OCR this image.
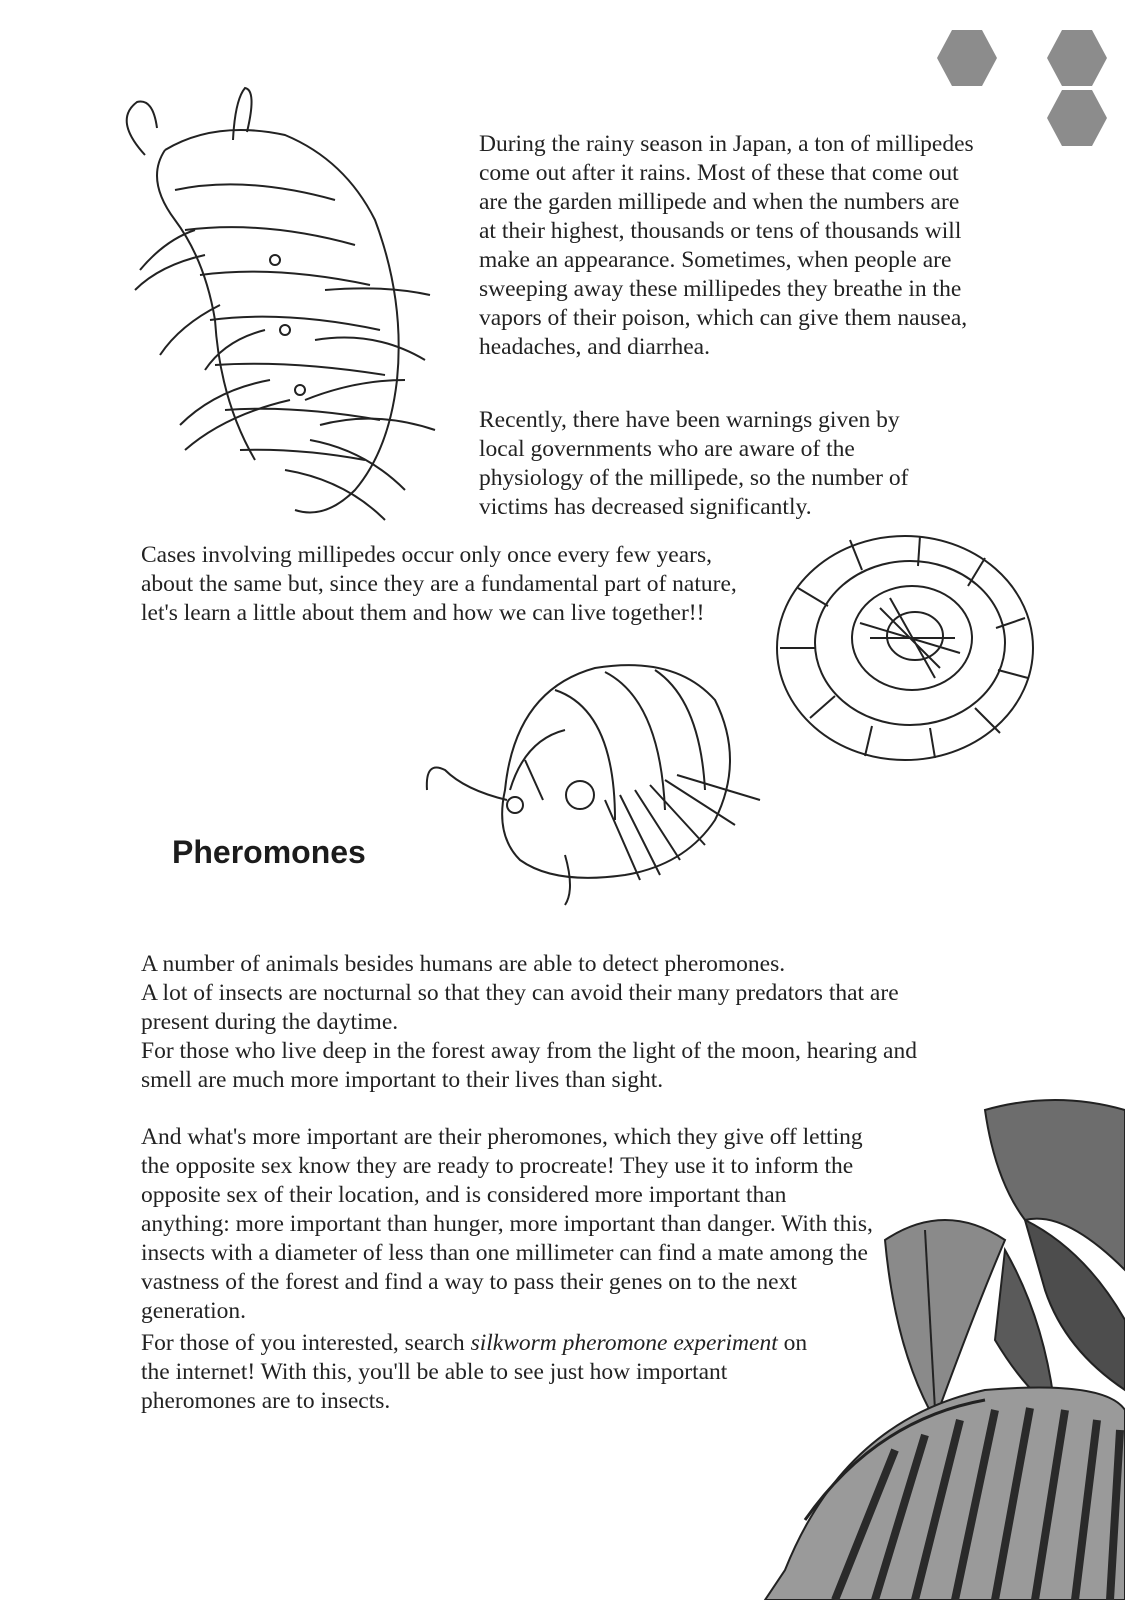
During the rainy season in Japan, a ton of millipedes come out after it rains. Most of these that come out are the garden millipede and when the numbers are at their highest, thousands or tens of thousands will make an appearance. Sometimes, when people are sweeping away these millipedes they breathe in the vapors of their poison, which can give them nausea, headaches, and diarrhea.

Recently, there have been warnings given by local governments who are aware of the physiology of the millipede, so the number of victims has decreased significantly.

Cases involving millipedes occur only once every few years, about the same but, since they are a fundamental part of nature, let's learn a little about them and how we can live together!!

Pheromones
A number of animals besides humans are able to detect pheromones.
A lot of insects are nocturnal so that they can avoid their many predators that are present during the daytime.
For those who live deep in the forest away from the light of the moon, hearing and smell are much more important to their lives than sight.

And what's more important are their pheromones, which they give off letting the opposite sex know they are ready to procreate! They use it to inform the opposite sex of their location, and is considered more important than anything: more important than hunger, more important than danger. With this, insects with a diameter of less than one millimeter can find a mate among the vastness of the forest and find a way to pass their genes on to the next generation.

For those of you interested, search silkworm pheromone experiment on the internet! With this, you'll be able to see just how important pheromones are to insects.
